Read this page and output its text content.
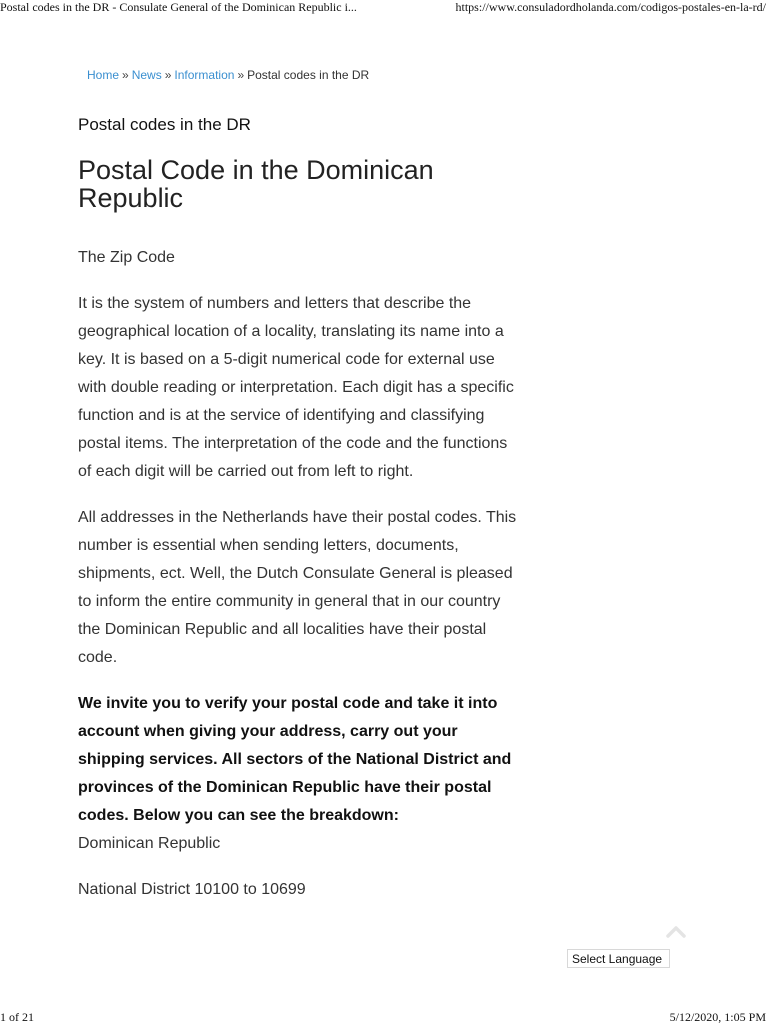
Postal codes in the DR - Consulate General of the Dominican Republic i...	https://www.consuladordholanda.com/codigos-postales-en-la-rd/
Home » News » Information » Postal codes in the DR
Postal codes in the DR
Postal Code in the Dominican Republic

The Zip Code

It is the system of numbers and letters that describe the geographical location of a locality, translating its name into a key. It is based on a 5-digit numerical code for external use with double reading or interpretation. Each digit has a specific function and is at the service of identifying and classifying postal items. The interpretation of the code and the functions of each digit will be carried out from left to right.

All addresses in the Netherlands have their postal codes. This number is essential when sending letters, documents, shipments, ect. Well, the Dutch Consulate General is pleased to inform the entire community in general that in our country the Dominican Republic and all localities have their postal code.

We invite you to verify your postal code and take it into account when giving your address, carry out your shipping services. All sectors of the National District and provinces of the Dominican Republic have their postal codes. Below you can see the breakdown:

Dominican Republic

National District 10100 to 10699

Select Language
1 of 21	5/12/2020, 1:05 PM
